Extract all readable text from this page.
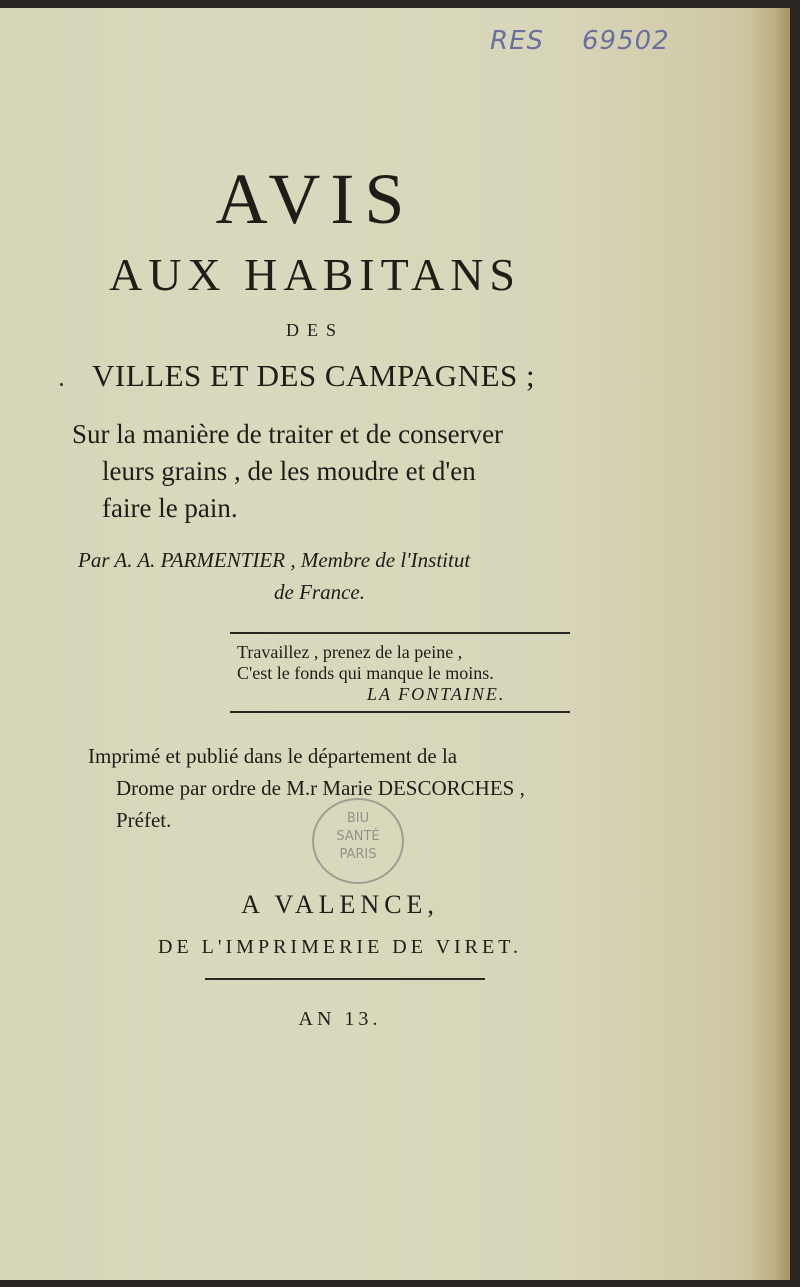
RES 69502
AVIS
AUX HABITANS
DES
VILLES ET DES CAMPAGNES ;
Sur la manière de traiter et de conserver
leurs grains , de les moudre et d'en
faire le pain.
Par A. A. PARMENTIER , Membre de l'Institut
de France.
Travaillez , prenez de la peine ,
C'est le fonds qui manque le moins.
LA FONTAINE.
Imprimé et publié dans le département de la
Drome par ordre de M.r Marie DESCORCHES ,
Préfet.	BIU
SANTÉ
PARIS
A VALENCE,
DE L'IMPRIMERIE DE VIRET.
AN 13.
